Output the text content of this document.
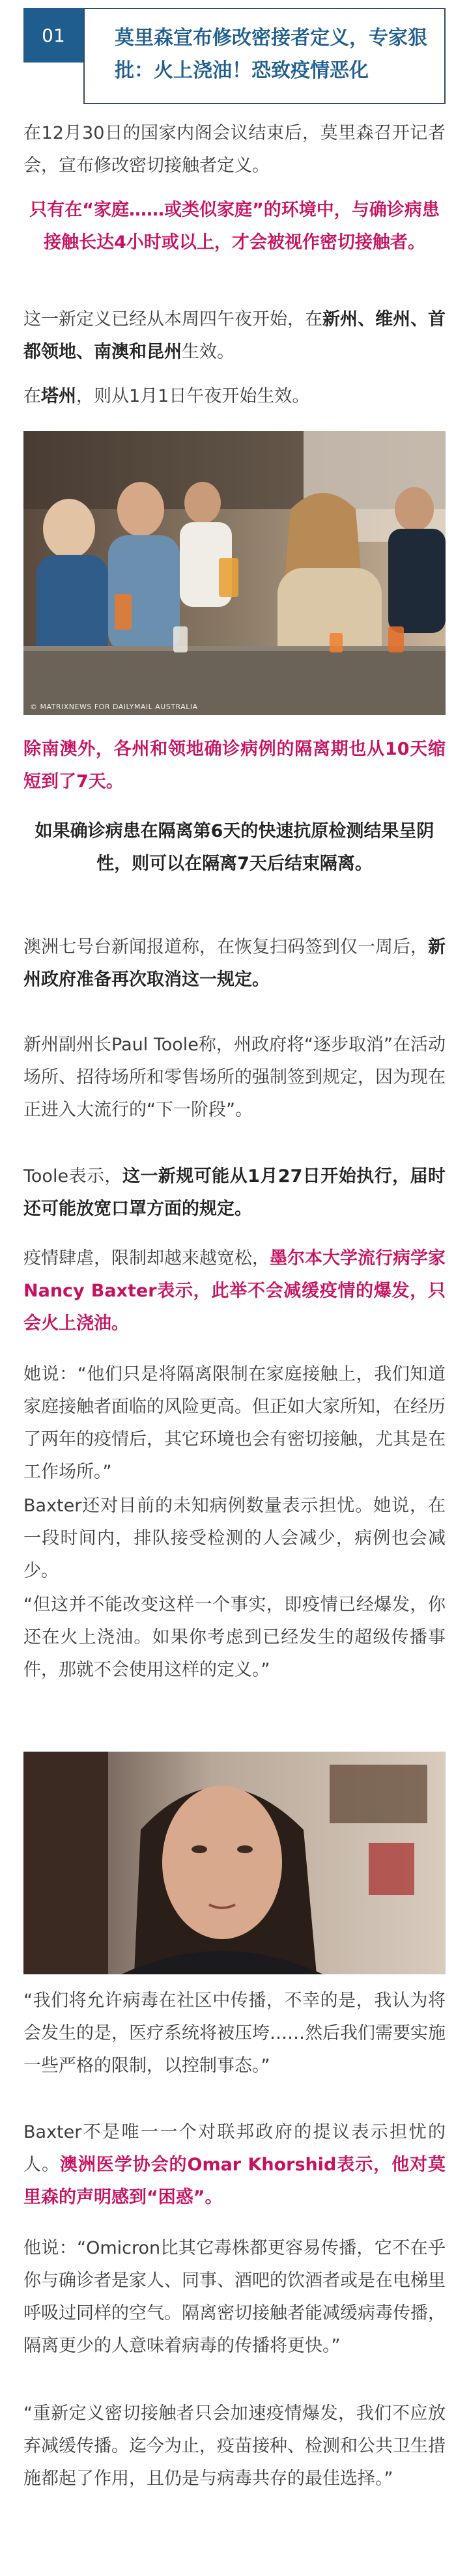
01	莫里森宣布修改密接者定义，专家狠批：火上浇油！恐致疫情恶化
在12月30日的国家内阁会议结束后，莫里森召开记者会，宣布修改密切接触者定义。
只有在“家庭……或类似家庭”的环境中，与确诊病患接触长达4小时或以上，才会被视作密切接触者。
这一新定义已经从本周四午夜开始，在新州、维州、首都领地、南澳和昆州生效。
在塔州，则从1月1日午夜开始生效。
© MATRIXNEWS FOR DAILYMAIL AUSTRALIA
除南澳外，各州和领地确诊病例的隔离期也从10天缩短到了7天。
如果确诊病患在隔离第6天的快速抗原检测结果呈阴性，则可以在隔离7天后结束隔离。
澳洲七号台新闻报道称，在恢复扫码签到仅一周后，新州政府准备再次取消这一规定。
新州副州长Paul Toole称，州政府将“逐步取消”在活动场所、招待场所和零售场所的强制签到规定，因为现在正进入大流行的“下一阶段”。
Toole表示，这一新规可能从1月27日开始执行，届时还可能放宽口罩方面的规定。
疫情肆虐，限制却越来越宽松，墨尔本大学流行病学家Nancy Baxter表示，此举不会减缓疫情的爆发，只会火上浇油。
她说：“他们只是将隔离限制在家庭接触上，我们知道家庭接触者面临的风险更高。但正如大家所知，在经历了两年的疫情后，其它环境也会有密切接触，尤其是在工作场所。”
Baxter还对目前的未知病例数量表示担忧。她说，在一段时间内，排队接受检测的人会减少，病例也会减少。
“但这并不能改变这样一个事实，即疫情已经爆发，你还在火上浇油。如果你考虑到已经发生的超级传播事件，那就不会使用这样的定义。”
“我们将允许病毒在社区中传播，不幸的是，我认为将会发生的是，医疗系统将被压垮……然后我们需要实施一些严格的限制，以控制事态。”
Baxter不是唯一一个对联邦政府的提议表示担忧的人。澳洲医学协会的Omar Khorshid表示，他对莫里森的声明感到“困惑”。
他说：“Omicron比其它毒株都更容易传播，它不在乎你与确诊者是家人、同事、酒吧的饮酒者或是在电梯里呼吸过同样的空气。隔离密切接触者能减缓病毒传播，隔离更少的人意味着病毒的传播将更快。”
“重新定义密切接触者只会加速疫情爆发，我们不应放弃减缓传播。迄今为止，疫苗接种、检测和公共卫生措施都起了作用，且仍是与病毒共存的最佳选择。”
